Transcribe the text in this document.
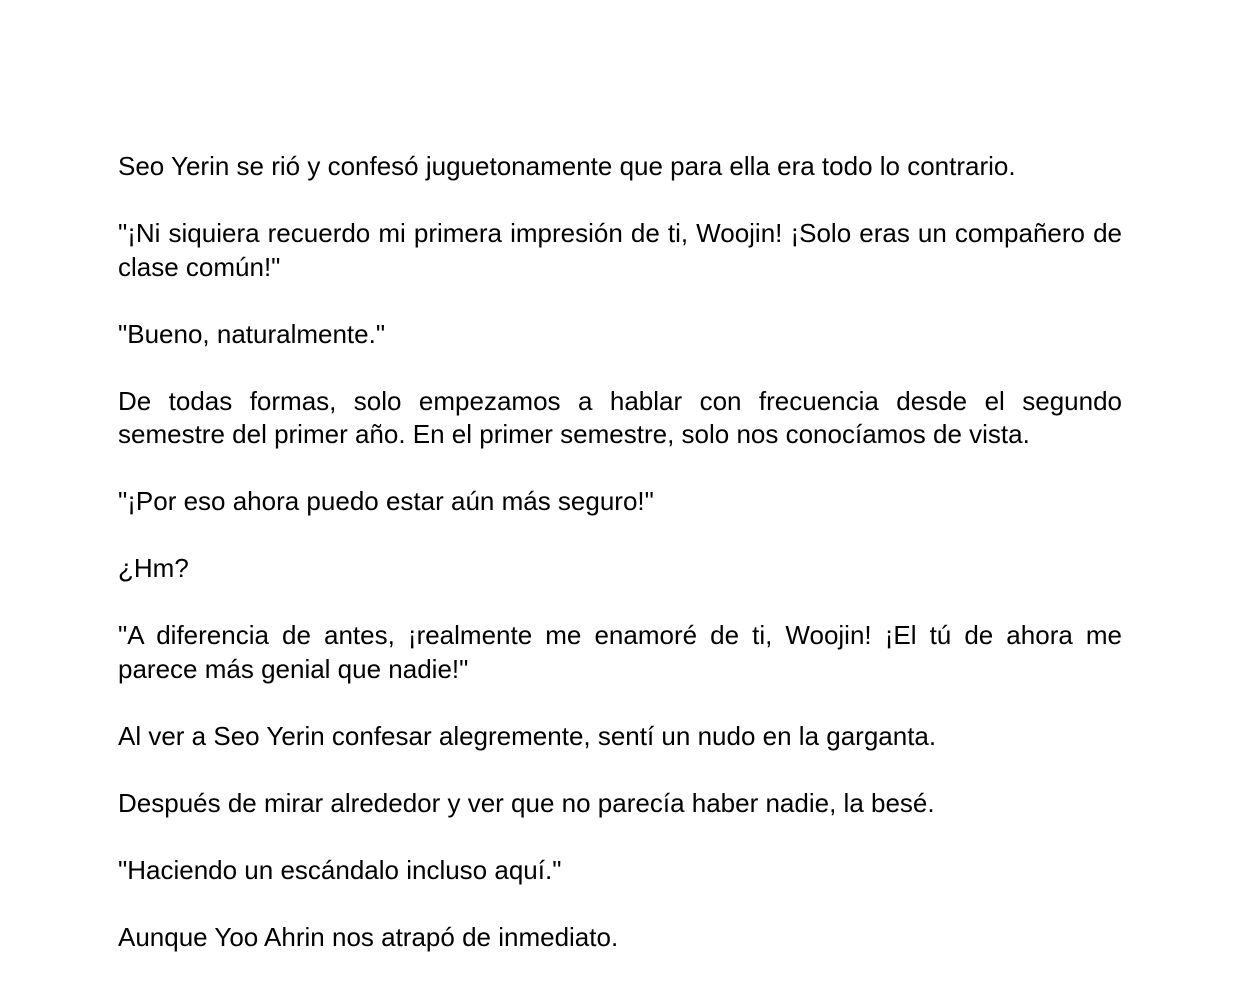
Seo Yerin se rió y confesó juguetonamente que para ella era todo lo contrario.

"¡Ni siquiera recuerdo mi primera impresión de ti, Woojin! ¡Solo eras un compañero de clase común!"

"Bueno, naturalmente."

De todas formas, solo empezamos a hablar con frecuencia desde el segundo semestre del primer año. En el primer semestre, solo nos conocíamos de vista.

"¡Por eso ahora puedo estar aún más seguro!"

¿Hm?

"A diferencia de antes, ¡realmente me enamoré de ti, Woojin! ¡El tú de ahora me parece más genial que nadie!"

Al ver a Seo Yerin confesar alegremente, sentí un nudo en la garganta.

Después de mirar alrededor y ver que no parecía haber nadie, la besé.

"Haciendo un escándalo incluso aquí."

Aunque Yoo Ahrin nos atrapó de inmediato.
